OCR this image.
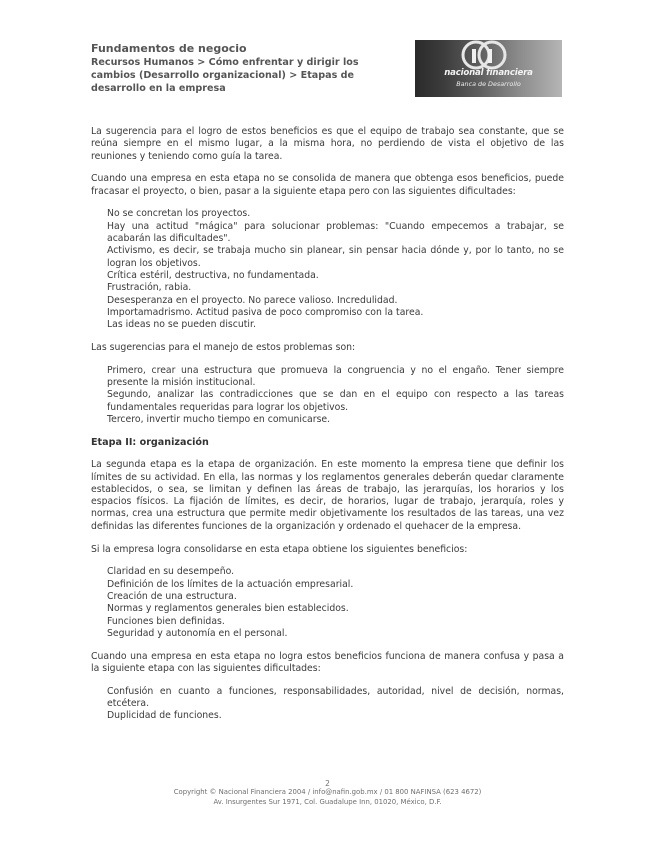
Fundamentos de negocio
Recursos Humanos > Cómo enfrentar y dirigir los cambios (Desarrollo organizacional) > Etapas de desarrollo en la empresa
nacional financiera
Banca de Desarrollo

La sugerencia para el logro de estos beneficios es que el equipo de trabajo sea constante, que se reúna siempre en el mismo lugar, a la misma hora, no perdiendo de vista el objetivo de las reuniones y teniendo como guía la tarea.

Cuando una empresa en esta etapa no se consolida de manera que obtenga esos beneficios, puede fracasar el proyecto, o bien, pasar a la siguiente etapa pero con las siguientes dificultades:

No se concretan los proyectos.
Hay una actitud "mágica" para solucionar problemas: "Cuando empecemos a trabajar, se acabarán las dificultades".
Activismo, es decir, se trabaja mucho sin planear, sin pensar hacia dónde y, por lo tanto, no se logran los objetivos.
Crítica estéril, destructiva, no fundamentada.
Frustración, rabia.
Desesperanza en el proyecto. No parece valioso. Incredulidad.
Importamadrismo. Actitud pasiva de poco compromiso con la tarea.
Las ideas no se pueden discutir.

Las sugerencias para el manejo de estos problemas son:

Primero, crear una estructura que promueva la congruencia y no el engaño. Tener siempre presente la misión institucional.
Segundo, analizar las contradicciones que se dan en el equipo con respecto a las tareas fundamentales requeridas para lograr los objetivos.
Tercero, invertir mucho tiempo en comunicarse.
Etapa II: organización

La segunda etapa es la etapa de organización. En este momento la empresa tiene que definir los límites de su actividad. En ella, las normas y los reglamentos generales deberán quedar claramente establecidos, o sea, se limitan y definen las áreas de trabajo, las jerarquías, los horarios y los espacios físicos. La fijación de límites, es decir, de horarios, lugar de trabajo, jerarquía, roles y normas, crea una estructura que permite medir objetivamente los resultados de las tareas, una vez definidas las diferentes funciones de la organización y ordenado el quehacer de la empresa.

Si la empresa logra consolidarse en esta etapa obtiene los siguientes beneficios:

Claridad en su desempeño.
Definición de los límites de la actuación empresarial.
Creación de una estructura.
Normas y reglamentos generales bien establecidos.
Funciones bien definidas.
Seguridad y autonomía en el personal.

Cuando una empresa en esta etapa no logra estos beneficios funciona de manera confusa y pasa a la siguiente etapa con las siguientes dificultades:

Confusión en cuanto a funciones, responsabilidades, autoridad, nivel de decisión, normas, etcétera.
Duplicidad de funciones.
2
Copyright © Nacional Financiera 2004 / info@nafin.gob.mx / 01 800 NAFINSA (623 4672)
Av. Insurgentes Sur 1971, Col. Guadalupe Inn, 01020, México, D.F.
